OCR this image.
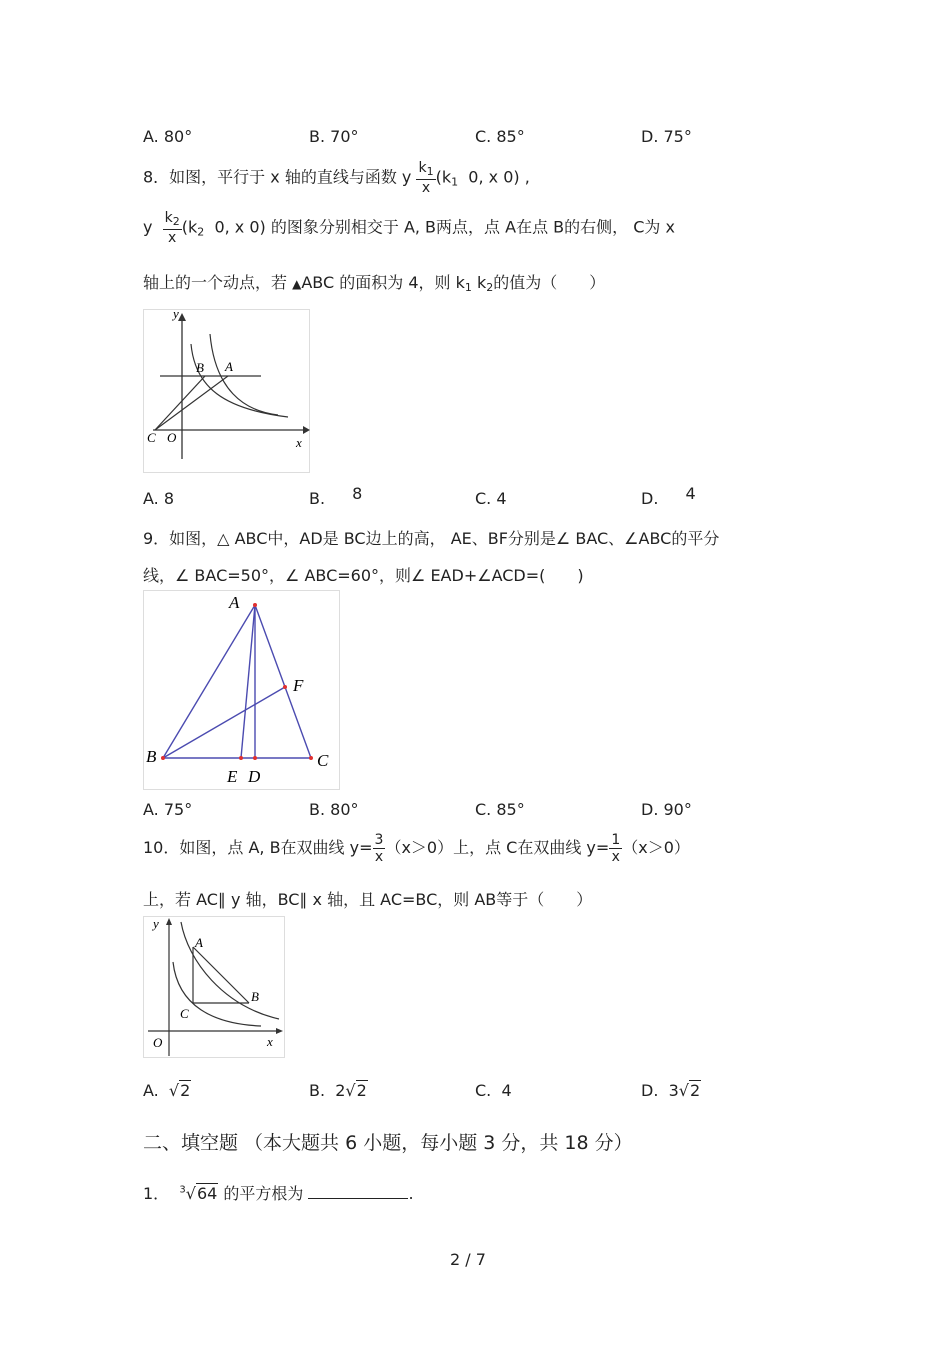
A. 80°	B. 70°	C. 85°	D. 75°
8．如图，平行于 x 轴的直线与函数 y $\frac{k_1}{x} (k_1$ 0, x 0) ,
y $\frac{k_2}{x} (k_2$ 0, x 0) 的图象分别相交于 A, B两点，点 A在点 B的右侧， C为 x
轴上的一个动点，若 ▲ABC 的面积为 4，则 $k_1$ $k_2$的值为（　　）
y
x
B A
C O
A. 8	B. 8	C. 4	D. 4
9．如图，△ ABC中，AD是 BC边上的高， AE、BF分别是∠ BAC、∠ABC的平分
线，∠ BAC=50°，∠ ABC=60°，则∠ EAD+∠ACD=(　　)
A
B	C
D
E
F
A. 75°	B. 80°	C. 85°	D. 90°
10．如图，点 A, B在双曲线 $y= \frac{3}{x} (x>0)$上，点 C在双曲线 $y= \frac{1}{x} (x>0)$
上，若 AC∥ y 轴，BC∥ x 轴，且 AC=BC，则 AB等于（　　）
y
x
A
B
C
O
A. √2	B. 2√2	C. 4	D. 3√2
二、填空题 （本大题共 6 小题，每小题 3 分，共 18 分）
1． $^3$√64 的平方根为	.
2 / 7
